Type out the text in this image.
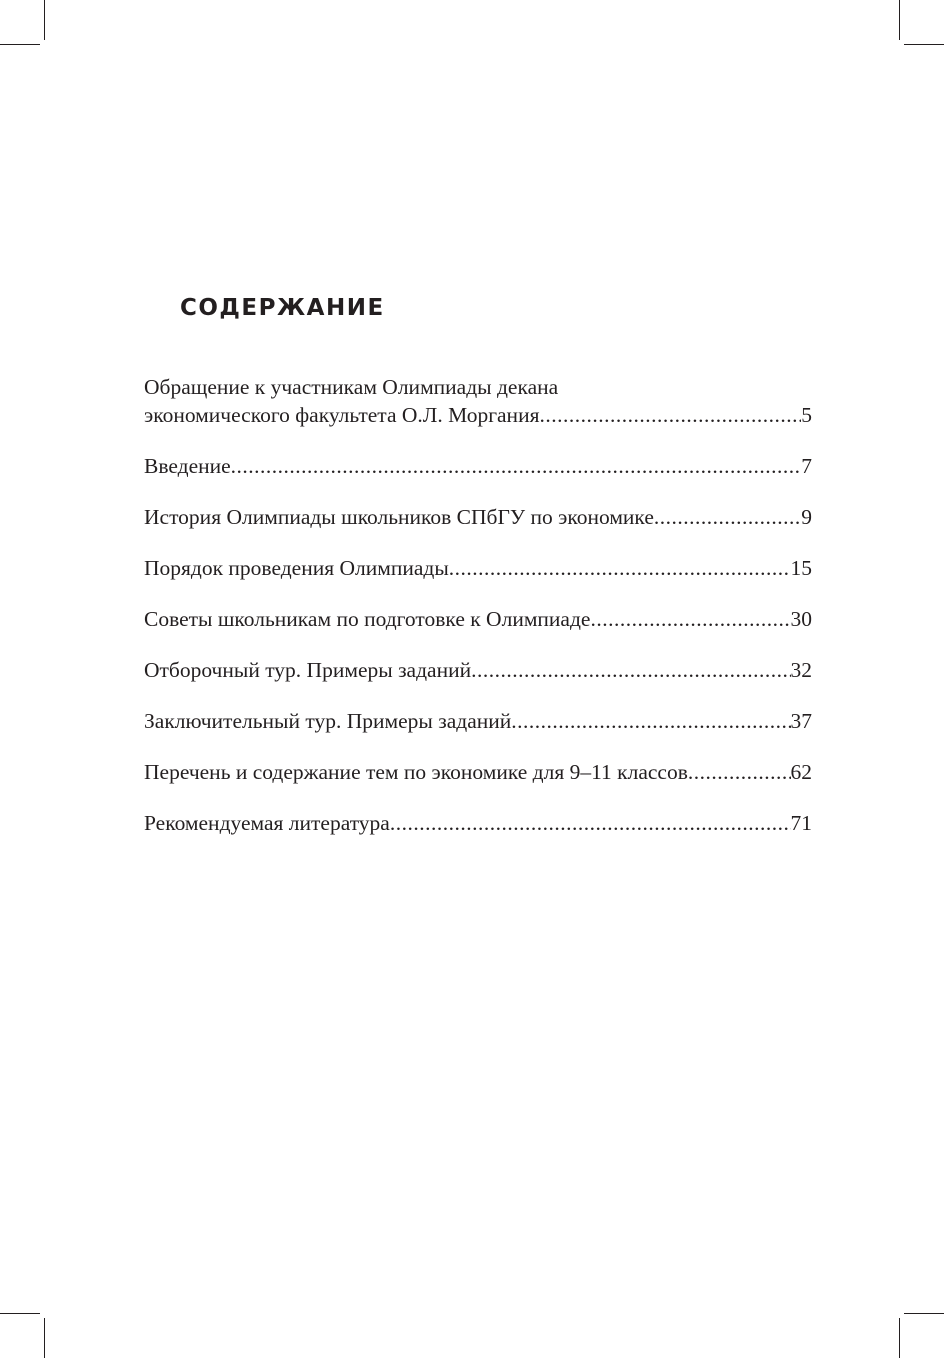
СОДЕРЖАНИЕ
Обращение к участникам Олимпиады декана
экономического факультета О.Л. Моргания .....	5
Введение .....	7
История Олимпиады школьников СПбГУ по экономике .....	9
Порядок проведения Олимпиады .....	15
Советы школьникам по подготовке к Олимпиаде .....	30
Отборочный тур. Примеры заданий .....	32
Заключительный тур. Примеры заданий .....	37
Перечень и содержание тем по экономике для 9–11 классов .....	62
Рекомендуемая литература .....	71
